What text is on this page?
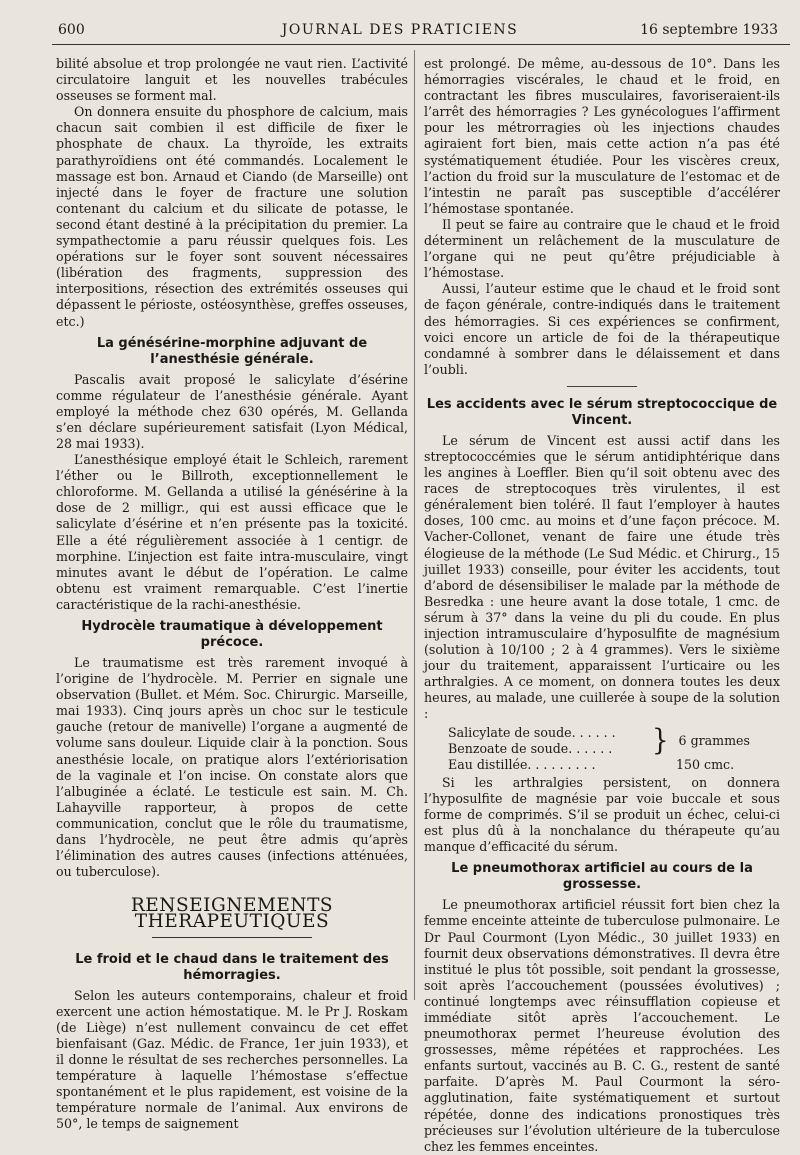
600	JOURNAL DES PRATICIENS	16 septembre 1933

bilité absolue et trop prolongée ne vaut rien. L’activité circulatoire languit et les nouvelles trabécules osseuses se forment mal.

On donnera ensuite du phosphore de calcium, mais chacun sait combien il est difficile de fixer le phosphate de chaux. La thyroïde, les extraits parathyroïdiens ont été commandés. Localement le massage est bon. Arnaud et Ciando (de Marseille) ont injecté dans le foyer de fracture une solution contenant du calcium et du silicate de potasse, le second étant destiné à la précipitation du premier. La sympathectomie a paru réussir quelques fois. Les opérations sur le foyer sont souvent nécessaires (libération des fragments, suppression des interpositions, résection des extrémités osseuses qui dépassent le périoste, ostéosynthèse, greffes osseuses, etc.)

La génésérine-morphine adjuvant de l’anesthésie générale.

Pascalis avait proposé le salicylate d’ésérine comme régulateur de l’anesthésie générale. Ayant employé la méthode chez 630 opérés, M. Gellanda s’en déclare supérieurement satisfait (Lyon Médical, 28 mai 1933).

L’anesthésique employé était le Schleich, rarement l’éther ou le Billroth, exceptionnellement le chloroforme. M. Gellanda a utilisé la génésérine à la dose de 2 milligr., qui est aussi efficace que le salicylate d’ésérine et n’en présente pas la toxicité. Elle a été régulièrement associée à 1 centigr. de morphine. L’injection est faite intra-musculaire, vingt minutes avant le début de l’opération. Le calme obtenu est vraiment remarquable. C’est l’inertie caractéristique de la rachi-anesthésie.

Hydrocèle traumatique à développement précoce.

Le traumatisme est très rarement invoqué à l’origine de l’hydrocèle. M. Perrier en signale une observation (Bullet. et Mém. Soc. Chirurgic. Marseille, mai 1933). Cinq jours après un choc sur le testicule gauche (retour de manivelle) l’organe a augmenté de volume sans douleur. Liquide clair à la ponction. Sous anesthésie locale, on pratique alors l’extériorisation de la vaginale et l’on incise. On constate alors que l’albuginée a éclaté. Le testicule est sain. M. Ch. Lahayville rapporteur, à propos de cette communication, conclut que le rôle du traumatisme, dans l’hydrocèle, ne peut être admis qu’après l’élimination des autres causes (infections atténuées, ou tuberculose).

RENSEIGNEMENTS THÉRAPEUTIQUES
Le froid et le chaud dans le traitement des hémorragies.

Selon les auteurs contemporains, chaleur et froid exercent une action hémostatique. M. le Pr J. Roskam (de Liège) n’est nullement convaincu de cet effet bienfaisant (Gaz. Médic. de France, 1er juin 1933), et il donne le résultat de ses recherches personnelles. La température à laquelle l’hémostase s’effectue spontanément et le plus rapidement, est voisine de la température normale de l’animal. Aux environs de 50°, le temps de saignement

est prolongé. De même, au-dessous de 10°. Dans les hémorragies viscérales, le chaud et le froid, en contractant les fibres musculaires, favoriseraient-ils l’arrêt des hémorragies ? Les gynécologues l’affirment pour les métrorragies où les injections chaudes agiraient fort bien, mais cette action n’a pas été systématiquement étudiée. Pour les viscères creux, l’action du froid sur la musculature de l’estomac et de l’intestin ne paraît pas susceptible d’accélérer l’hémostase spontanée.

Il peut se faire au contraire que le chaud et le froid déterminent un relâchement de la musculature de l’organe qui ne peut qu’être préjudiciable à l’hémostase.

Aussi, l’auteur estime que le chaud et le froid sont de façon générale, contre-indiqués dans le traitement des hémorragies. Si ces expériences se confirment, voici encore un article de foi de la thérapeutique condamné à sombrer dans le délaissement et dans l’oubli.

Les accidents avec le sérum streptococcique de Vincent.

Le sérum de Vincent est aussi actif dans les streptococcémies que le sérum antidiphtérique dans les angines à Loeffler. Bien qu’il soit obtenu avec des races de streptocoques très virulentes, il est généralement bien toléré. Il faut l’employer à hautes doses, 100 cmc. au moins et d’une façon précoce. M. Vacher-Collonet, venant de faire une étude très élogieuse de la méthode (Le Sud Médic. et Chirurg., 15 juillet 1933) conseille, pour éviter les accidents, tout d’abord de désensibiliser le malade par la méthode de Besredka : une heure avant la dose totale, 1 cmc. de sérum à 37° dans la veine du pli du coude. En plus injection intramusculaire d’hyposulfite de magnésium (solution à 10/100 ; 2 à 4 grammes). Vers le sixième jour du traitement, apparaissent l’urticaire ou les arthralgies. A ce moment, on donnera toutes les deux heures, au malade, une cuillerée à soupe de la solution :

Salicylate de soude. . . . . .
Benzoate de soude. . . . . .	} 6 grammes
Eau distillée. . . . . . . . .	150 cmc.

Si les arthralgies persistent, on donnera l’hyposulfite de magnésie par voie buccale et sous forme de comprimés. S’il se produit un échec, celui-ci est plus dû à la nonchalance du thérapeute qu’au manque d’efficacité du sérum.

Le pneumothorax artificiel au cours de la grossesse.

Le pneumothorax artificiel réussit fort bien chez la femme enceinte atteinte de tuberculose pulmonaire. Le Dr Paul Courmont (Lyon Médic., 30 juillet 1933) en fournit deux observations démonstratives. Il devra être institué le plus tôt possible, soit pendant la grossesse, soit après l’accouchement (poussées évolutives) ; continué longtemps avec réinsufflation copieuse et immédiate sitôt après l’accouchement. Le pneumothorax permet l’heureuse évolution des grossesses, même répétées et rapprochées. Les enfants surtout, vaccinés au B. C. G., restent de santé parfaite. D’après M. Paul Courmont la séro-agglutination, faite systématiquement et surtout répétée, donne des indications pronostiques très précieuses sur l’évolution ultérieure de la tuberculose chez les femmes enceintes.
